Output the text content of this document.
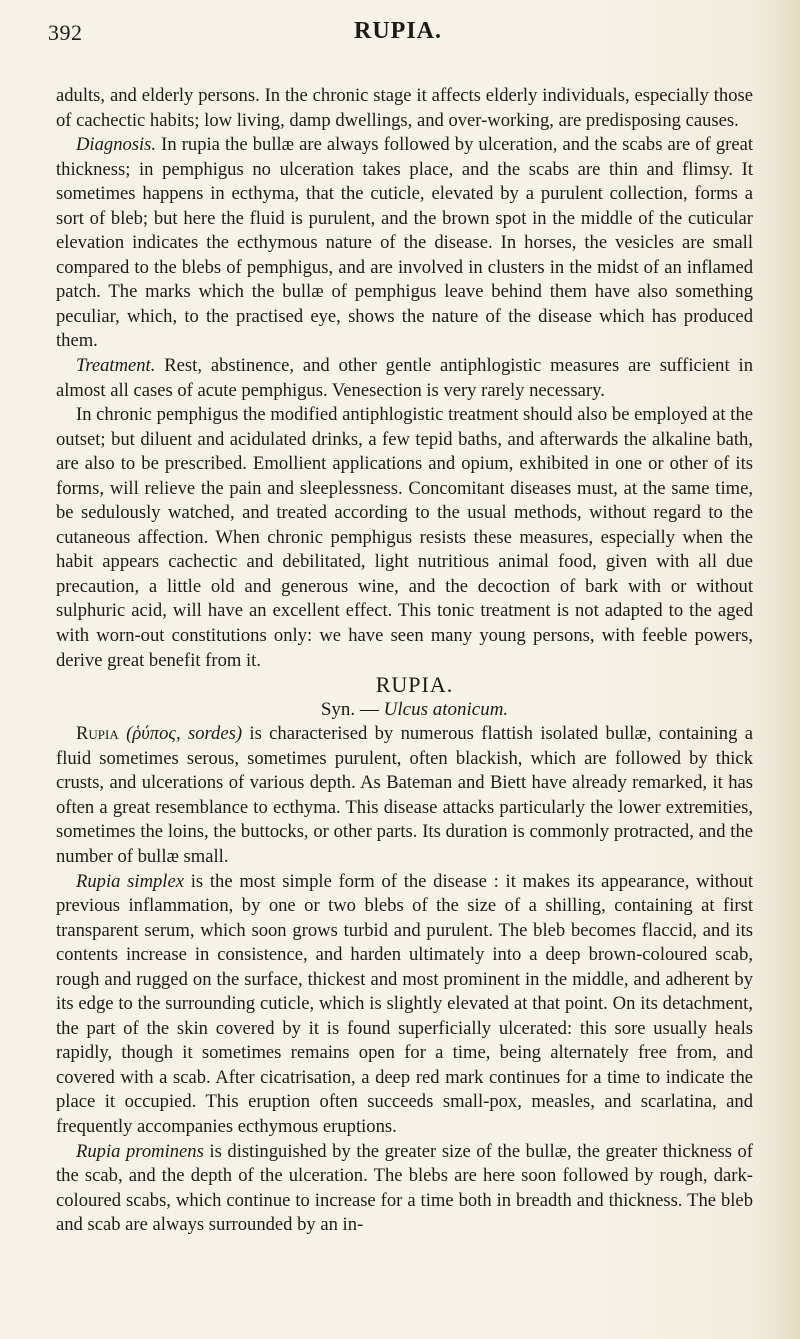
392	RUPIA.

adults, and elderly persons. In the chronic stage it affects elderly individuals, especially those of cachectic habits; low living, damp dwellings, and over-working, are predisposing causes.

Diagnosis. In rupia the bullæ are always followed by ulceration, and the scabs are of great thickness; in pemphigus no ulceration takes place, and the scabs are thin and flimsy. It sometimes happens in ecthyma, that the cuticle, elevated by a purulent collection, forms a sort of bleb; but here the fluid is purulent, and the brown spot in the middle of the cuticular elevation indicates the ecthymous nature of the disease. In horses, the vesicles are small compared to the blebs of pemphigus, and are involved in clusters in the midst of an inflamed patch. The marks which the bullæ of pemphigus leave behind them have also something peculiar, which, to the practised eye, shows the nature of the disease which has produced them.

Treatment. Rest, abstinence, and other gentle antiphlogistic measures are sufficient in almost all cases of acute pemphigus. Venesection is very rarely necessary.

In chronic pemphigus the modified antiphlogistic treatment should also be employed at the outset; but diluent and acidulated drinks, a few tepid baths, and afterwards the alkaline bath, are also to be prescribed. Emollient applications and opium, exhibited in one or other of its forms, will relieve the pain and sleeplessness. Concomitant diseases must, at the same time, be sedulously watched, and treated according to the usual methods, without regard to the cutaneous affection. When chronic pemphigus resists these measures, especially when the habit appears cachectic and debilitated, light nutritious animal food, given with all due precaution, a little old and generous wine, and the decoction of bark with or without sulphuric acid, will have an excellent effect. This tonic treatment is not adapted to the aged with worn-out constitutions only: we have seen many young persons, with feeble powers, derive great benefit from it.

RUPIA.

Syn. — Ulcus atonicum.

Rupia (ῥύπος, sordes) is characterised by numerous flattish isolated bullæ, containing a fluid sometimes serous, sometimes purulent, often blackish, which are followed by thick crusts, and ulcerations of various depth. As Bateman and Biett have already remarked, it has often a great resemblance to ecthyma. This disease attacks particularly the lower extremities, sometimes the loins, the buttocks, or other parts. Its duration is commonly protracted, and the number of bullæ small.

Rupia simplex is the most simple form of the disease : it makes its appearance, without previous inflammation, by one or two blebs of the size of a shilling, containing at first transparent serum, which soon grows turbid and purulent. The bleb becomes flaccid, and its contents increase in consistence, and harden ultimately into a deep brown-coloured scab, rough and rugged on the surface, thickest and most prominent in the middle, and adherent by its edge to the surrounding cuticle, which is slightly elevated at that point. On its detachment, the part of the skin covered by it is found superficially ulcerated: this sore usually heals rapidly, though it sometimes remains open for a time, being alternately free from, and covered with a scab. After cicatrisation, a deep red mark continues for a time to indicate the place it occupied. This eruption often succeeds small-pox, measles, and scarlatina, and frequently accompanies ecthymous eruptions.

Rupia prominens is distinguished by the greater size of the bullæ, the greater thickness of the scab, and the depth of the ulceration. The blebs are here soon followed by rough, dark-coloured scabs, which continue to increase for a time both in breadth and thickness. The bleb and scab are always surrounded by an in-
